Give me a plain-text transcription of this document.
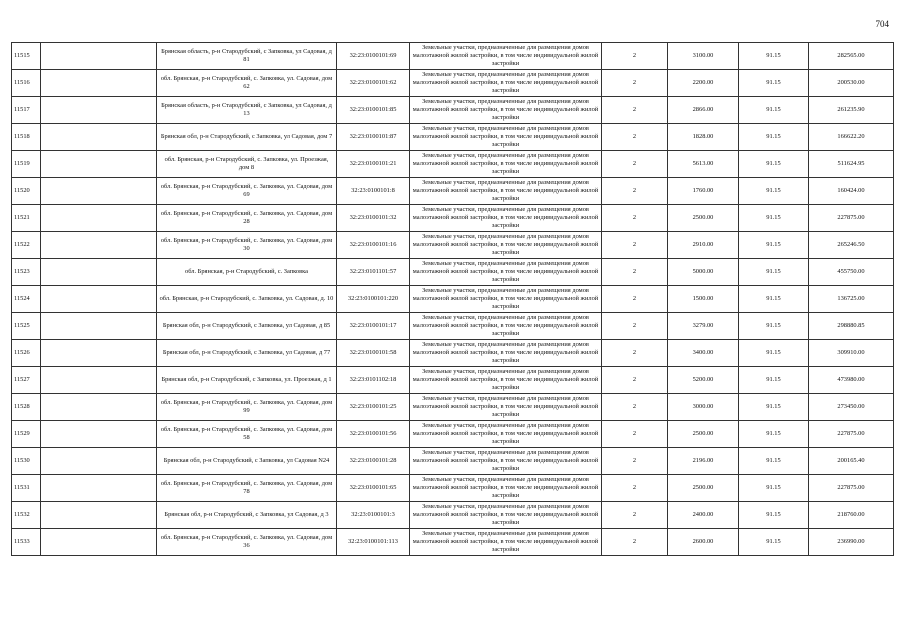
704
11515		Брянская область, р-н Стародубский, с Запковка, ул Садовая, д 81	32:23:0100101:69	Земельные участки, предназначенные для размещения домов малоэтажной жилой застройки, в том числе индивидуальной жилой застройки	2	3100.00	91.15	282565.00
11516		обл. Брянская, р-н Стародубский, с. Запковка, ул. Садовая, дом 62	32:23:0100101:62	Земельные участки, предназначенные для размещения домов малоэтажной жилой застройки, в том числе индивидуальной жилой застройки	2	2200.00	91.15	200530.00
11517		Брянская область, р-н Стародубский, с Запковка, ул Садовая, д 13	32:23:0100101:85	Земельные участки, предназначенные для размещения домов малоэтажной жилой застройки, в том числе индивидуальной жилой застройки	2	2866.00	91.15	261235.90
11518		Брянская обл, р-н Стародубский, с Запковка, ул Садовая, дом 7	32:23:0100101:87	Земельные участки, предназначенные для размещения домов малоэтажной жилой застройки, в том числе индивидуальной жилой застройки	2	1828.00	91.15	166622.20
11519		обл. Брянская, р-н Стародубский, с. Запковка, ул. Проезжая, дом 8	32:23:0100101:21	Земельные участки, предназначенные для размещения домов малоэтажной жилой застройки, в том числе индивидуальной жилой застройки	2	5613.00	91.15	511624.95
11520		обл. Брянская, р-н Стародубский, с. Запковка, ул. Садовая, дом 69	32:23:0100101:8	Земельные участки, предназначенные для размещения домов малоэтажной жилой застройки, в том числе индивидуальной жилой застройки	2	1760.00	91.15	160424.00
11521		обл. Брянская, р-н Стародубский, с. Запковка, ул. Садовая, дом 28	32:23:0100101:32	Земельные участки, предназначенные для размещения домов малоэтажной жилой застройки, в том числе индивидуальной жилой застройки	2	2500.00	91.15	227875.00
11522		обл. Брянская, р-н Стародубский, с. Запковка, ул. Садовая, дом 30	32:23:0100101:16	Земельные участки, предназначенные для размещения домов малоэтажной жилой застройки, в том числе индивидуальной жилой застройки	2	2910.00	91.15	265246.50
11523		обл. Брянская, р-н Стародубский, с. Запковка	32:23:0101101:57	Земельные участки, предназначенные для размещения домов малоэтажной жилой застройки, в том числе индивидуальной жилой застройки	2	5000.00	91.15	455750.00
11524		обл. Брянская, р-н Стародубский, с. Запковка, ул. Садовая, д. 10	32:23:0100101:220	Земельные участки, предназначенные для размещения домов малоэтажной жилой застройки, в том числе индивидуальной жилой застройки	2	1500.00	91.15	136725.00
11525		Брянская обл, р-н Стародубский, с Запковка, ул Садовая, д 85	32:23:0100101:17	Земельные участки, предназначенные для размещения домов малоэтажной жилой застройки, в том числе индивидуальной жилой застройки	2	3279.00	91.15	298880.85
11526		Брянская обл, р-н Стародубский, с Запковка, ул Садовая, д 77	32:23:0100101:58	Земельные участки, предназначенные для размещения домов малоэтажной жилой застройки, в том числе индивидуальной жилой застройки	2	3400.00	91.15	309910.00
11527		Брянская обл, р-н Стародубский, с Запковка, ул. Проезжая, д 1	32:23:0101102:18	Земельные участки, предназначенные для размещения домов малоэтажной жилой застройки, в том числе индивидуальной жилой застройки	2	5200.00	91.15	473980.00
11528		обл. Брянская, р-н Стародубский, с. Запковка, ул. Садовая, дом 99	32:23:0100101:25	Земельные участки, предназначенные для размещения домов малоэтажной жилой застройки, в том числе индивидуальной жилой застройки	2	3000.00	91.15	273450.00
11529		обл. Брянская, р-н Стародубский, с. Запковка, ул. Садовая, дом 58	32:23:0100101:56	Земельные участки, предназначенные для размещения домов малоэтажной жилой застройки, в том числе индивидуальной жилой застройки	2	2500.00	91.15	227875.00
11530		Брянская обл, р-н Стародубский, с Запковка, ул Садовая N24	32:23:0100101:28	Земельные участки, предназначенные для размещения домов малоэтажной жилой застройки, в том числе индивидуальной жилой застройки	2	2196.00	91.15	200165.40
11531		обл. Брянская, р-н Стародубский, с. Запковка, ул. Садовая, дом 78	32:23:0100101:65	Земельные участки, предназначенные для размещения домов малоэтажной жилой застройки, в том числе индивидуальной жилой застройки	2	2500.00	91.15	227875.00
11532		Брянская обл, р-н Стародубский, с Запковка, ул Садовая, д 3	32:23:0100101:3	Земельные участки, предназначенные для размещения домов малоэтажной жилой застройки, в том числе индивидуальной жилой застройки	2	2400.00	91.15	218760.00
11533		обл. Брянская, р-н Стародубский, с. Запковка, ул. Садовая, дом 36	32:23:0100101:113	Земельные участки, предназначенные для размещения домов малоэтажной жилой застройки, в том числе индивидуальной жилой застройки	2	2600.00	91.15	236990.00
